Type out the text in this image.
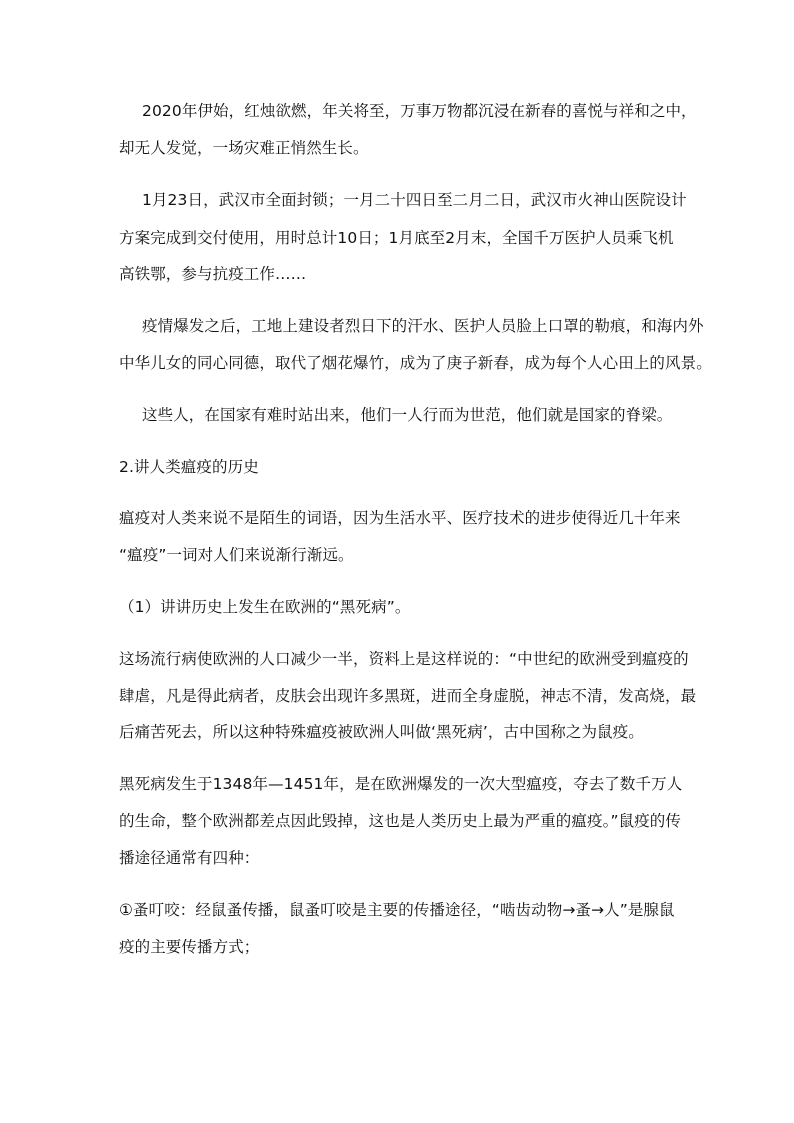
2020年伊始，红烛欲燃，年关将至，万事万物都沉浸在新春的喜悦与祥和之中，
却无人发觉，一场灾难正悄然生长。
1月23日，武汉市全面封锁；一月二十四日至二月二日，武汉市火神山医院设计
方案完成到交付使用，用时总计10日；1月底至2月末，全国千万医护人员乘飞机
高铁鄂，参与抗疫工作……
疫情爆发之后，工地上建设者烈日下的汗水、医护人员脸上口罩的勒痕，和海内外
中华儿女的同心同德，取代了烟花爆竹，成为了庚子新春，成为每个人心田上的风景。
这些人，在国家有难时站出来，他们一人行而为世范，他们就是国家的脊梁。
2.讲人类瘟疫的历史
瘟疫对人类来说不是陌生的词语，因为生活水平、医疗技术的进步使得近几十年来
“瘟疫”一词对人们来说渐行渐远。
（1）讲讲历史上发生在欧洲的“黑死病”。
这场流行病使欧洲的人口减少一半，资料上是这样说的：“中世纪的欧洲受到瘟疫的
肆虐，凡是得此病者，皮肤会出现许多黑斑，进而全身虚脱，神志不清，发高烧，最
后痛苦死去，所以这种特殊瘟疫被欧洲人叫做‘黑死病’，古中国称之为鼠疫。
黑死病发生于1348年—1451年，是在欧洲爆发的一次大型瘟疫，夺去了数千万人
的生命，整个欧洲都差点因此毁掉，这也是人类历史上最为严重的瘟疫。”鼠疫的传
播途径通常有四种：
①蚤叮咬：经鼠蚤传播，鼠蚤叮咬是主要的传播途径，“啮齿动物→蚤→人”是腺鼠
疫的主要传播方式；
